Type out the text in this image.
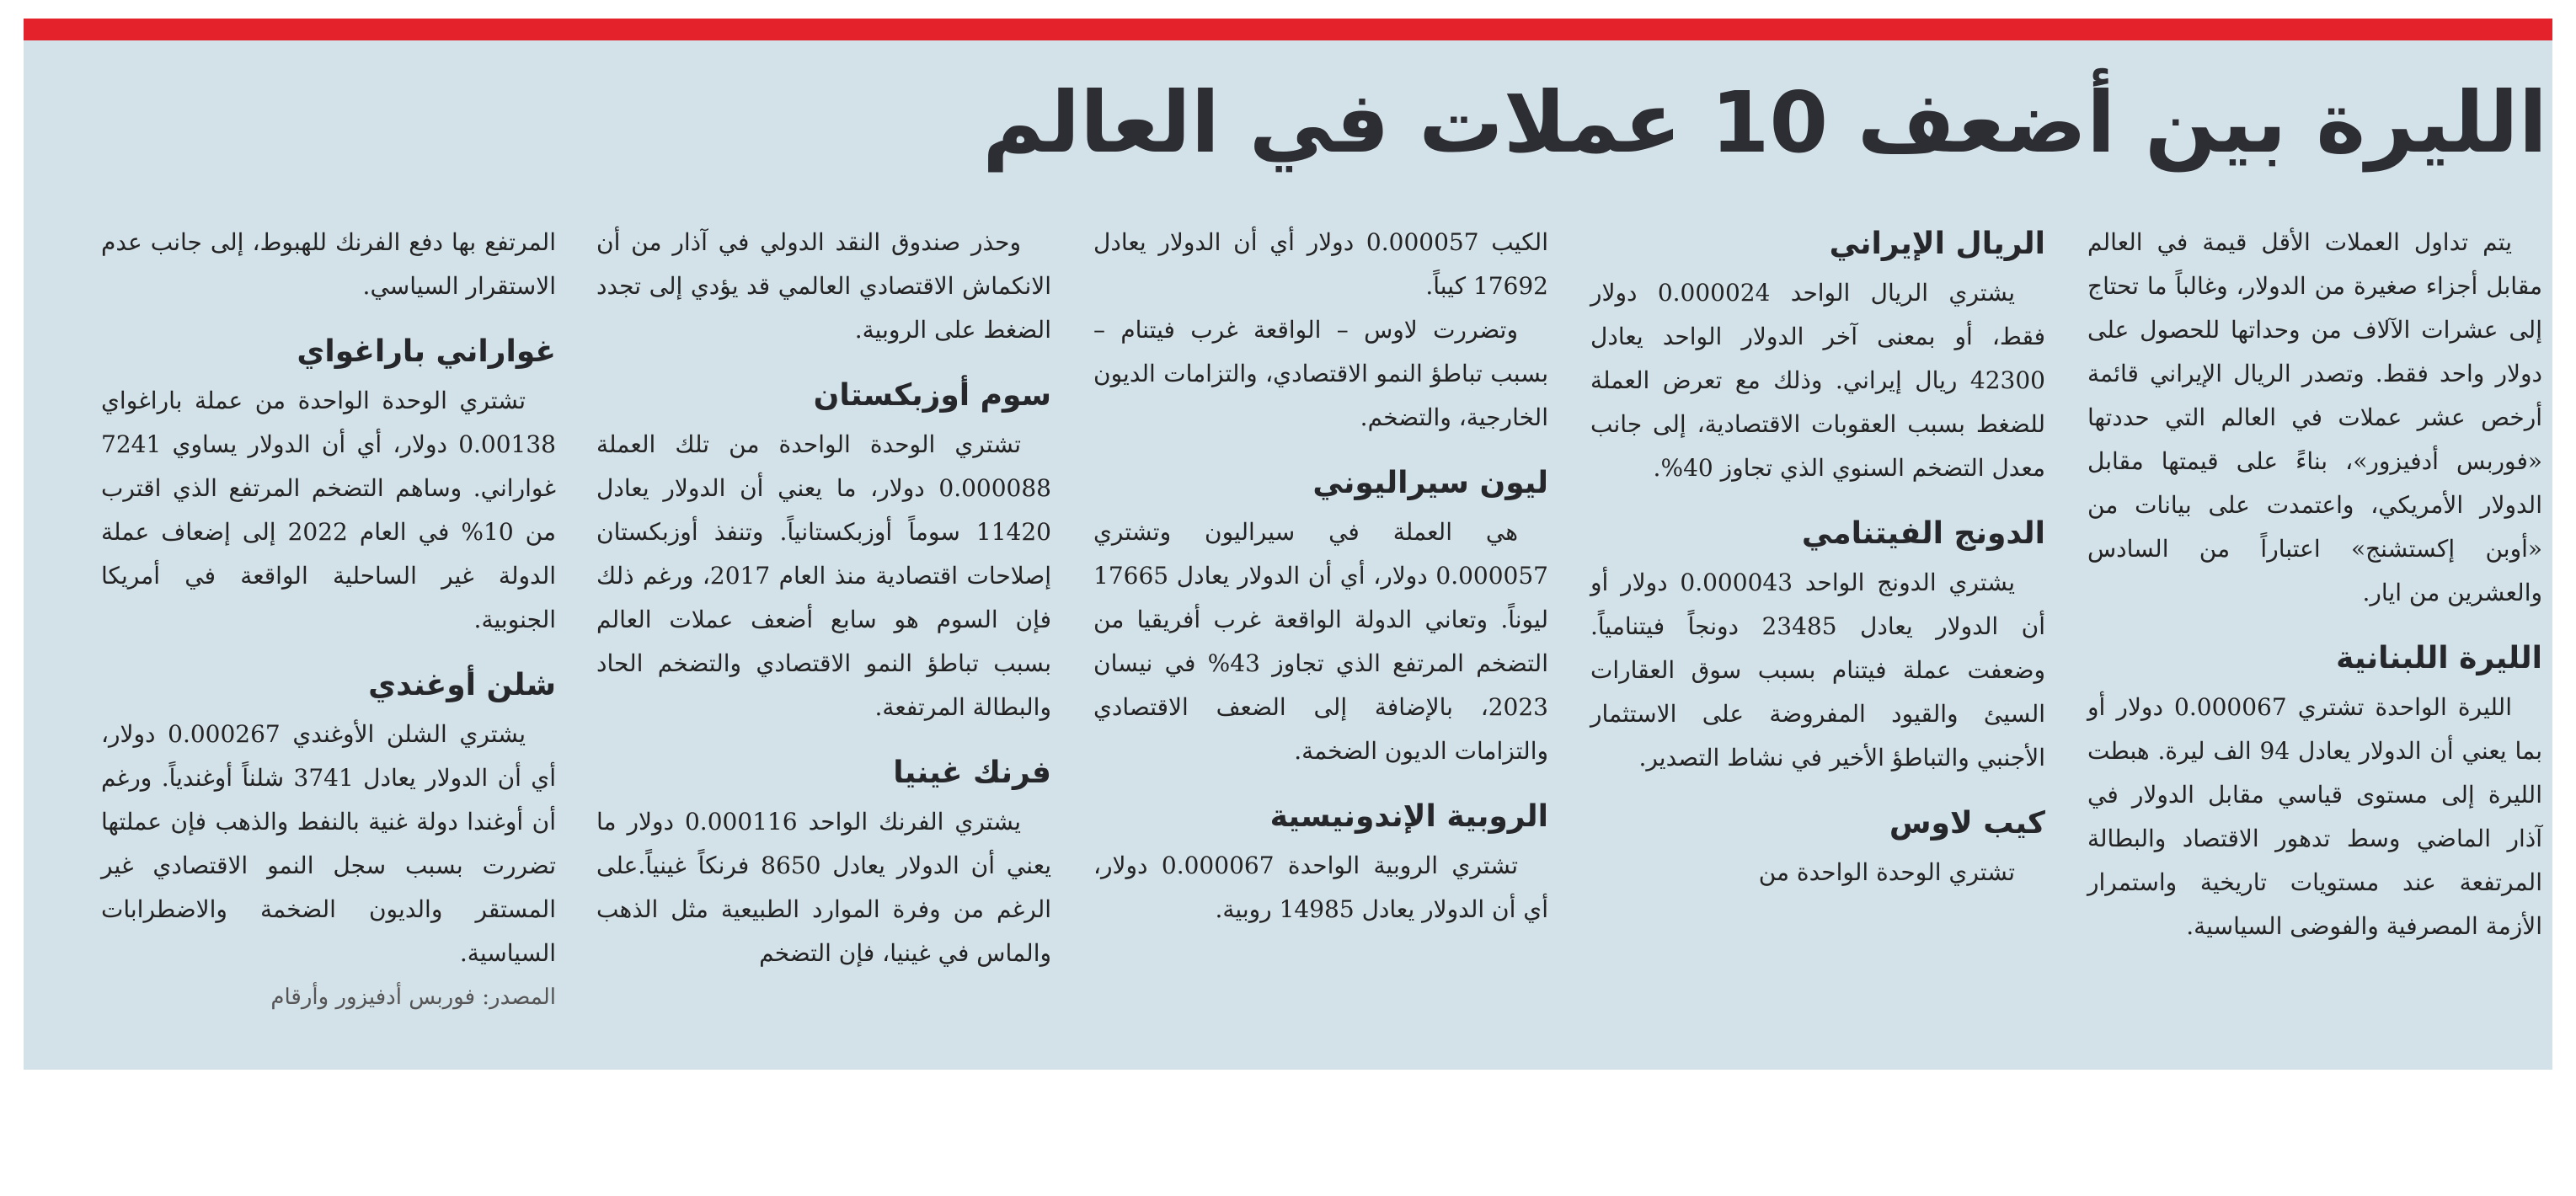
الليرة بين أضعف 10 عملات في العالم

يتم تداول العملات الأقل قيمة في العالم مقابل أجزاء صغيرة من الدولار، وغالباً ما تحتاج إلى عشرات الآلاف من وحداتها للحصول على دولار واحد فقط. وتصدر الريال الإيراني قائمة أرخص عشر عملات في العالم التي حددتها «فوربس أدفيزور»، بناءً على قيمتها مقابل الدولار الأمريكي، واعتمدت على بيانات من «أوبن إكستشنج» اعتباراً من السادس والعشرين من ايار.

الليرة اللبنانية

الليرة الواحدة تشتري 0.000067 دولار أو بما يعني أن الدولار يعادل 94 الف ليرة. هبطت الليرة إلى مستوى قياسي مقابل الدولار في آذار الماضي وسط تدهور الاقتصاد والبطالة المرتفعة عند مستويات تاريخية واستمرار الأزمة المصرفية والفوضى السياسية.

الريال الإيراني

يشتري الريال الواحد 0.000024 دولار فقط، أو بمعنى آخر الدولار الواحد يعادل 42300 ريال إيراني. وذلك مع تعرض العملة للضغط بسبب العقوبات الاقتصادية، إلى جانب معدل التضخم السنوي الذي تجاوز 40%.

الدونج الفيتنامي

يشتري الدونج الواحد 0.000043 دولار أو أن الدولار يعادل 23485 دونجاً فيتنامياً. وضعفت عملة فيتنام بسبب سوق العقارات السيئ والقيود المفروضة على الاستثمار الأجنبي والتباطؤ الأخير في نشاط التصدير.

كيب لاوس

تشتري الوحدة الواحدة من

الكيب 0.000057 دولار أي أن الدولار يعادل 17692 كيباً.

وتضررت لاوس – الواقعة غرب فيتنام – بسبب تباطؤ النمو الاقتصادي، والتزامات الديون الخارجية، والتضخم.

ليون سيراليوني

هي العملة في سيراليون وتشتري 0.000057 دولار، أي أن الدولار يعادل 17665 ليوناً. وتعاني الدولة الواقعة غرب أفريقيا من التضخم المرتفع الذي تجاوز 43% في نيسان 2023، بالإضافة إلى الضعف الاقتصادي والتزامات الديون الضخمة.

الروبية الإندونيسية

تشتري الروبية الواحدة 0.000067 دولار، أي أن الدولار يعادل 14985 روبية.

وحذر صندوق النقد الدولي في آذار من أن الانكماش الاقتصادي العالمي قد يؤدي إلى تجدد الضغط على الروبية.

سوم أوزبكستان

تشتري الوحدة الواحدة من تلك العملة 0.000088 دولار، ما يعني أن الدولار يعادل 11420 سوماً أوزبكستانياً. وتنفذ أوزبكستان إصلاحات اقتصادية منذ العام 2017، ورغم ذلك فإن السوم هو سابع أضعف عملات العالم بسبب تباطؤ النمو الاقتصادي والتضخم الحاد والبطالة المرتفعة.

فرنك غينيا

يشتري الفرنك الواحد 0.000116 دولار ما يعني أن الدولار يعادل 8650 فرنكاً غينياً.على الرغم من وفرة الموارد الطبيعية مثل الذهب والماس في غينيا، فإن التضخم

المرتفع بها دفع الفرنك للهبوط، إلى جانب عدم الاستقرار السياسي.

غواراني باراغواي

تشتري الوحدة الواحدة من عملة باراغواي 0.00138 دولار، أي أن الدولار يساوي 7241 غواراني. وساهم التضخم المرتفع الذي اقترب من 10% في العام 2022 إلى إضعاف عملة الدولة غير الساحلية الواقعة في أمريكا الجنوبية.

شلن أوغندي

يشتري الشلن الأوغندي 0.000267 دولار، أي أن الدولار يعادل 3741 شلناً أوغندياً. ورغم أن أوغندا دولة غنية بالنفط والذهب فإن عملتها تضررت بسبب سجل النمو الاقتصادي غير المستقر والديون الضخمة والاضطرابات السياسية.

المصدر: فوربس أدفيزور وأرقام
